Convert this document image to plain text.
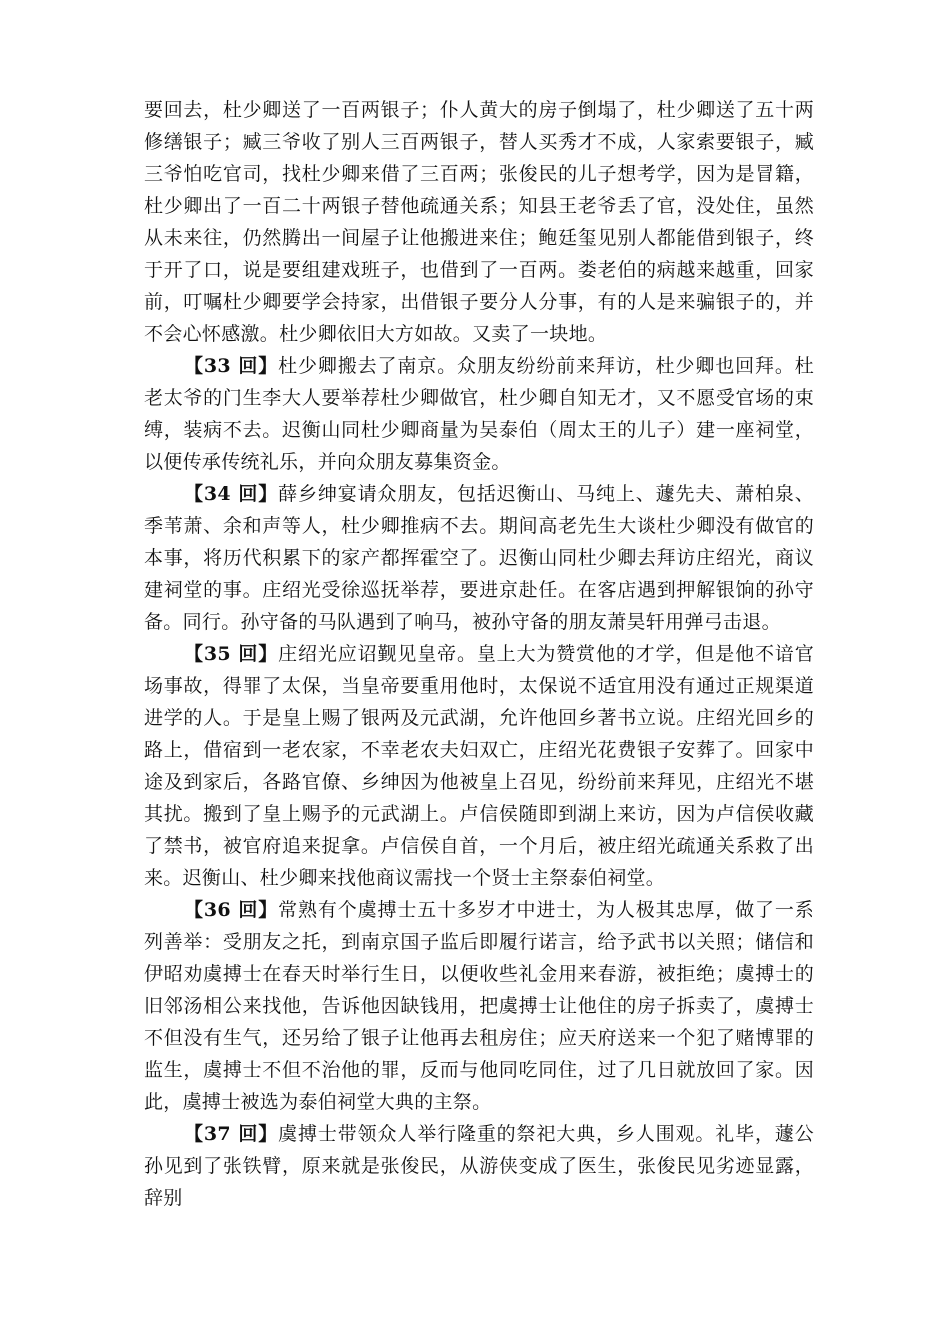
要回去，杜少卿送了一百两银子；仆人黄大的房子倒塌了，杜少卿送了五十两修缮银子；臧三爷收了别人三百两银子，替人买秀才不成，人家索要银子，臧三爷怕吃官司，找杜少卿来借了三百两；张俊民的儿子想考学，因为是冒籍，杜少卿出了一百二十两银子替他疏通关系；知县王老爷丢了官，没处住，虽然从未来往，仍然腾出一间屋子让他搬进来住；鲍廷玺见别人都能借到银子，终于开了口，说是要组建戏班子，也借到了一百两。娄老伯的病越来越重，回家前，叮嘱杜少卿要学会持家，出借银子要分人分事，有的人是来骗银子的，并不会心怀感激。杜少卿依旧大方如故。又卖了一块地。

【33 回】杜少卿搬去了南京。众朋友纷纷前来拜访，杜少卿也回拜。杜老太爷的门生李大人要举荐杜少卿做官，杜少卿自知无才，又不愿受官场的束缚，装病不去。迟衡山同杜少卿商量为吴泰伯（周太王的儿子）建一座祠堂，以便传承传统礼乐，并向众朋友募集资金。

【34 回】薛乡绅宴请众朋友，包括迟衡山、马纯上、蘧先夫、萧柏泉、季苇萧、余和声等人，杜少卿推病不去。期间高老先生大谈杜少卿没有做官的本事，将历代积累下的家产都挥霍空了。迟衡山同杜少卿去拜访庄绍光，商议建祠堂的事。庄绍光受徐巡抚举荐，要进京赴任。在客店遇到押解银饷的孙守备。同行。孙守备的马队遇到了响马，被孙守备的朋友萧昊轩用弹弓击退。

【35 回】庄绍光应诏觐见皇帝。皇上大为赞赏他的才学，但是他不谙官场事故，得罪了太保，当皇帝要重用他时，太保说不适宜用没有通过正规渠道进学的人。于是皇上赐了银两及元武湖，允许他回乡著书立说。庄绍光回乡的路上，借宿到一老农家，不幸老农夫妇双亡，庄绍光花费银子安葬了。回家中途及到家后，各路官僚、乡绅因为他被皇上召见，纷纷前来拜见，庄绍光不堪其扰。搬到了皇上赐予的元武湖上。卢信侯随即到湖上来访，因为卢信侯收藏了禁书，被官府追来捉拿。卢信侯自首，一个月后，被庄绍光疏通关系救了出来。迟衡山、杜少卿来找他商议需找一个贤士主祭泰伯祠堂。

【36 回】常熟有个虞搏士五十多岁才中进士，为人极其忠厚，做了一系列善举：受朋友之托，到南京国子监后即履行诺言，给予武书以关照；储信和伊昭劝虞搏士在春天时举行生日，以便收些礼金用来春游，被拒绝；虞搏士的旧邻汤相公来找他，告诉他因缺钱用，把虞搏士让他住的房子拆卖了，虞搏士不但没有生气，还另给了银子让他再去租房住；应天府送来一个犯了赌博罪的监生，虞搏士不但不治他的罪，反而与他同吃同住，过了几日就放回了家。因此，虞搏士被选为泰伯祠堂大典的主祭。

【37 回】虞搏士带领众人举行隆重的祭祀大典，乡人围观。礼毕，蘧公孙见到了张铁臂，原来就是张俊民，从游侠变成了医生，张俊民见劣迹显露，辞别
